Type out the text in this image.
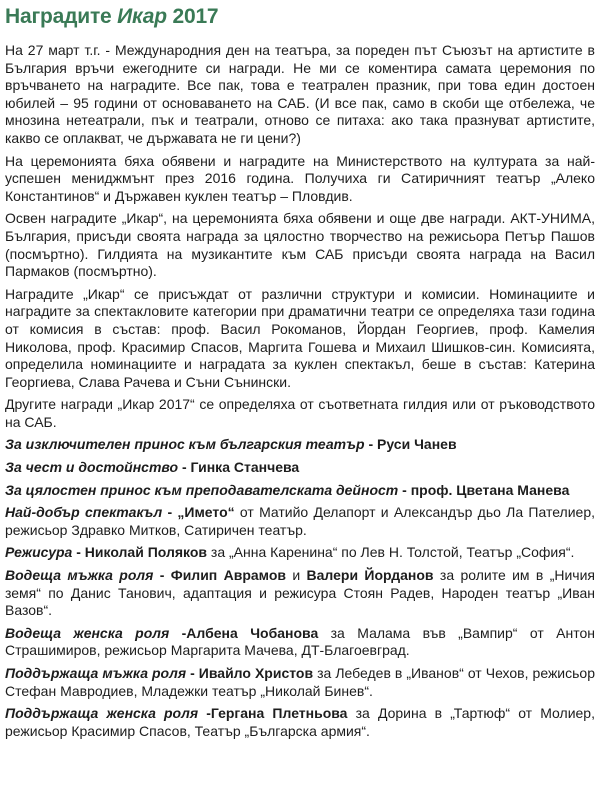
Наградите Икар 2017

На 27 март т.г. - Международния ден на театъра, за пореден път Съюзът на артистите в България връчи ежегодните си награди. Не ми се коментира самата церемония по връчването на наградите. Все пак, това е театрален празник, при това един достоен юбилей – 95 години от основаването на САБ. (И все пак, само в скоби ще отбележа, че мнозина нетеатрали, пък и театрали, отново се питаха: ако така празнуват артистите, какво се оплакват, че държавата не ги цени?)

На церемонията бяха обявени и наградите на Министерството на културата за най-успешен мениджмънт през 2016 година. Получиха ги Сатиричният театър „Алеко Константинов“ и Държавен куклен театър – Пловдив.

Освен наградите „Икар“, на церемонията бяха обявени и още две награди. АКТ-УНИМА, България, присъди своята награда за цялостно творчество на режисьора Петър Пашов (посмъртно). Гилдията на музикантите към САБ присъди своята награда на Васил Пармаков (посмъртно).

Наградите „Икар“ се присъждат от различни структури и комисии. Номинациите и наградите за спектакловите категории при драматични театри се определяха тази година от комисия в състав: проф. Васил Рокоманов, Йордан Георгиев, проф. Камелия Николова, проф. Красимир Спасов, Маргита Гошева и Михаил Шишков-син. Комисията, определила номинациите и наградата за куклен спектакъл, беше в състав: Катерина Георгиева, Слава Рачева и Съни Сънински.

Другите награди „Икар 2017“ се определяха от съответната гилдия или от ръководството на САБ.

За изключителен принос към българския театър - Руси Чанев

За чест и достойнство - Гинка Станчева

За цялостен принос към преподавателската дейност - проф. Цветана Манева

Най-добър спектакъл - „Името“ от Матийо Делапорт и Александър дьо Ла Пателиер, режисьор Здравко Митков, Сатиричен театър.

Режисура - Николай Поляков за „Анна Каренина“ по Лев Н. Толстой, Театър „София“.

Водеща мъжка роля - Филип Аврамов и Валери Йорданов за ролите им в „Ничия земя“ по Данис Танович, адаптация и режисура Стоян Радев, Народен театър „Иван Вазов“.

Водеща женска роля -Албена Чобанова за Малама във „Вампир“ от Антон Страшимиров, режисьор Маргарита Мачева, ДТ-Благоевград.

Поддържаща мъжка роля - Ивайло Христов за Лебедев в „Иванов“ от Чехов, режисьор Стефан Мавродиев, Младежки театър „Николай Бинев“.

Поддържаща женска роля -Гергана Плетньова за Дорина в „Тартюф“ от Молиер, режисьор Красимир Спасов, Театър „Българска армия“.
